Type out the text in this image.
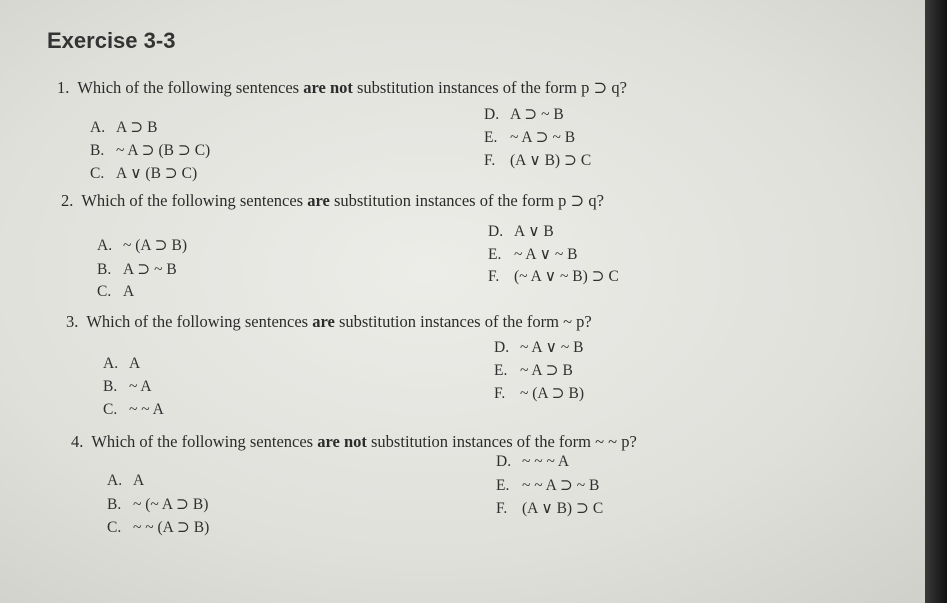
Exercise 3-3
1. Which of the following sentences are not substitution instances of the form p ⊃ q?
A. A ⊃ B
B. ~ A ⊃ (B ⊃ C)
C. A ∨ (B ⊃ C)
D. A ⊃ ~ B
E. ~ A ⊃ ~ B
F. (A ∨ B) ⊃ C
2. Which of the following sentences are substitution instances of the form p ⊃ q?
A. ~ (A ⊃ B)
B. A ⊃ ~ B
C. A
D. A ∨ B
E. ~ A ∨ ~ B
F. (~ A ∨ ~ B) ⊃ C
3. Which of the following sentences are substitution instances of the form ~ p?
A. A
B. ~ A
C. ~ ~ A
D. ~ A ∨ ~ B
E. ~ A ⊃ B
F. ~ (A ⊃ B)
4. Which of the following sentences are not substitution instances of the form ~ ~ p?
A. A
B. ~ (~ A ⊃ B)
C. ~ ~ (A ⊃ B)
D. ~ ~ ~ A
E. ~ ~ A ⊃ ~ B
F. (A ∨ B) ⊃ C
